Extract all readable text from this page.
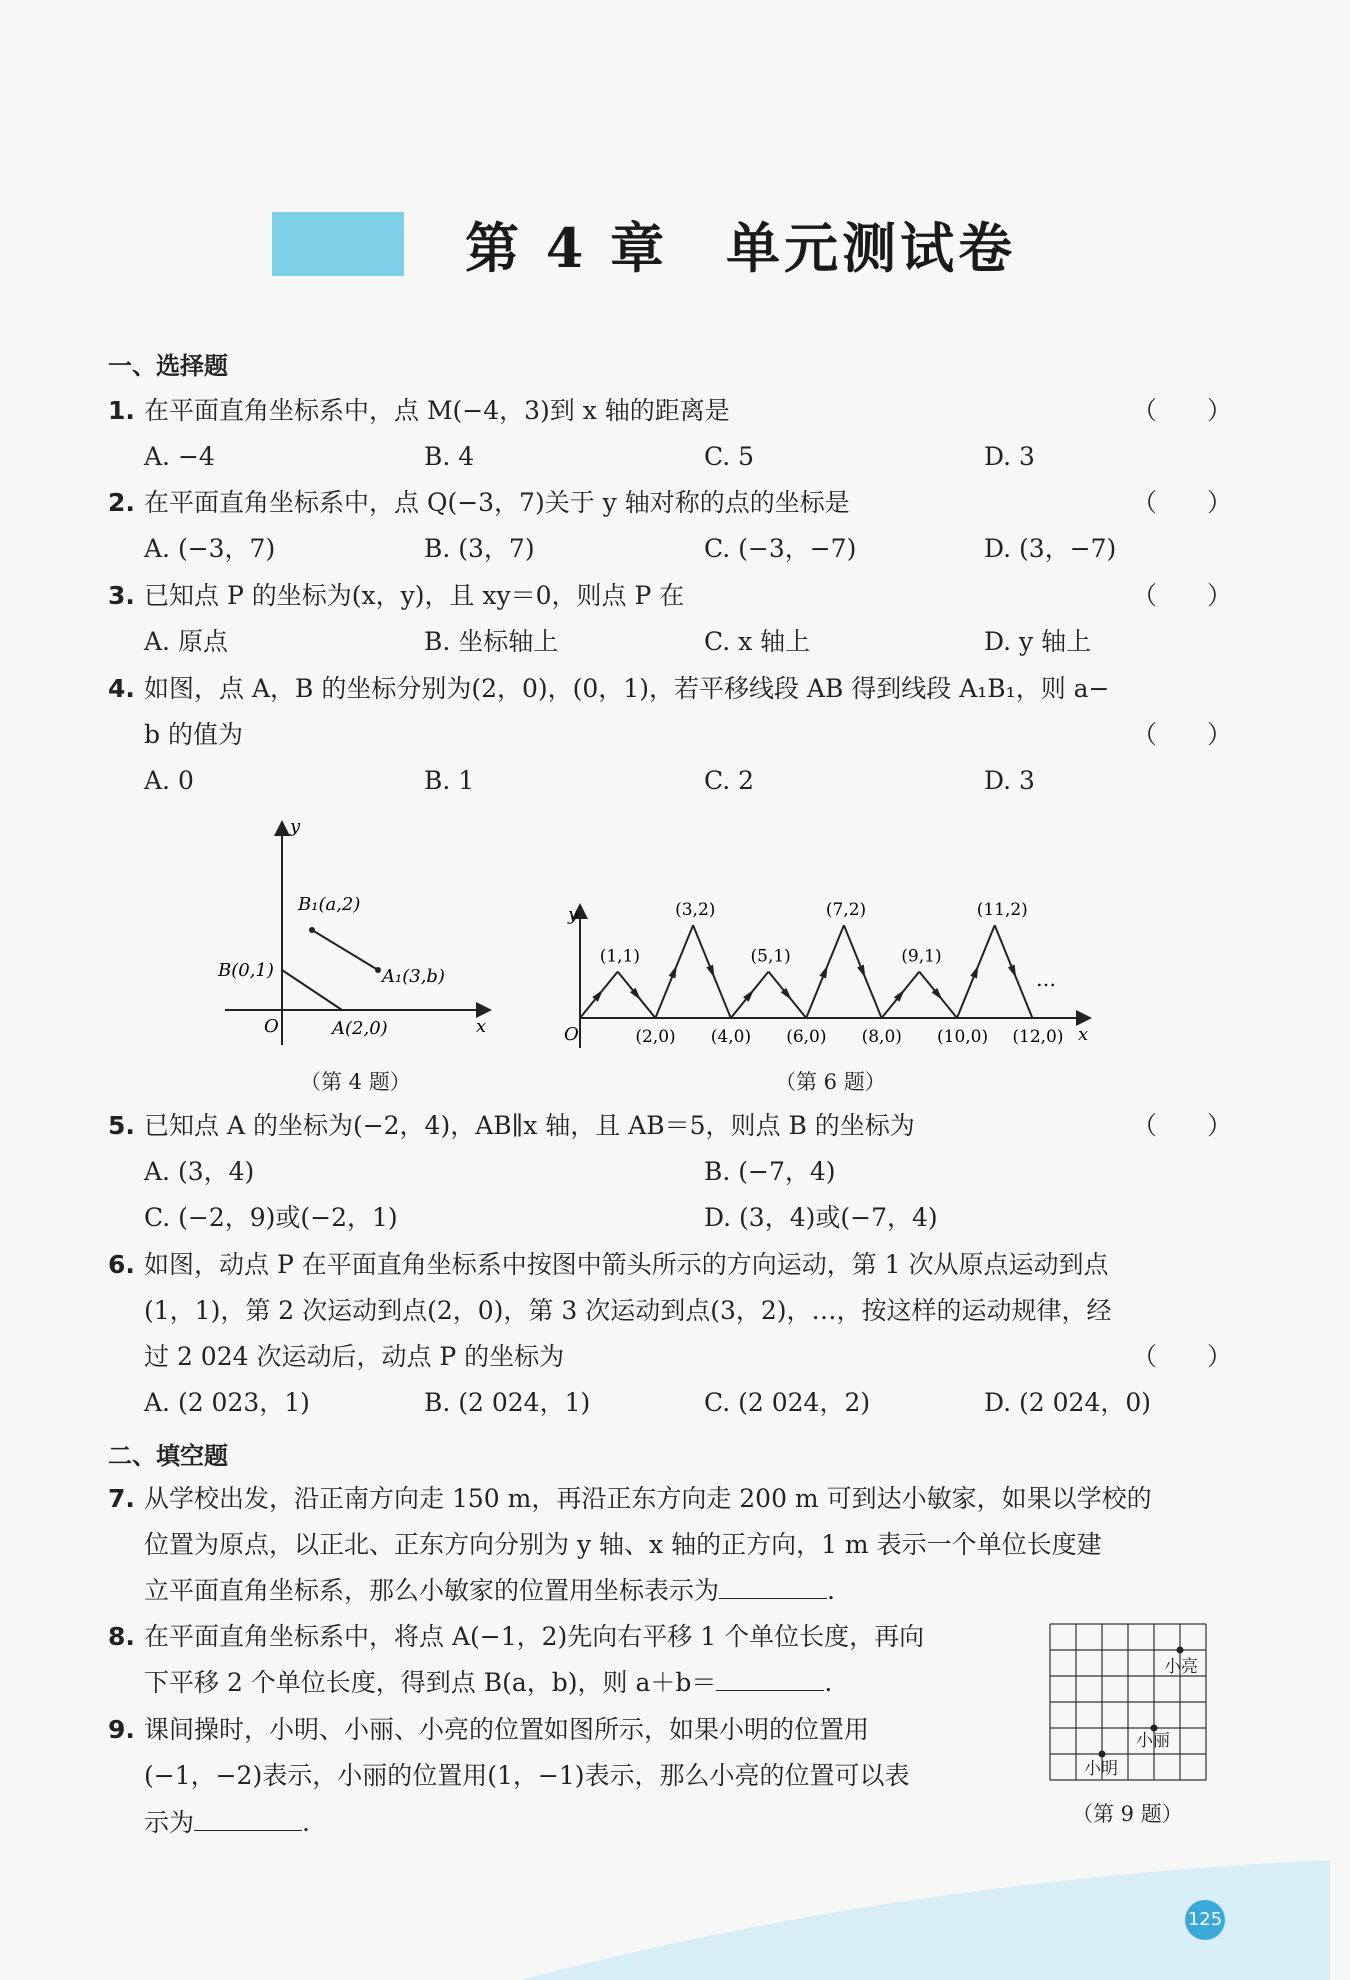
第 4 章　单元测试卷
一、选择题
1. 在平面直角坐标系中，点 M(−4，3)到 x 轴的距离是	（　　）
A. −4	B. 4	C. 5	D. 3
2. 在平面直角坐标系中，点 Q(−3，7)关于 y 轴对称的点的坐标是	（　　）
A. (−3，7)	B. (3，7)	C. (−3，−7)	D. (3，−7)
3. 已知点 P 的坐标为(x，y)，且 xy＝0，则点 P 在	（　　）
A. 原点	B. 坐标轴上	C. x 轴上	D. y 轴上
4. 如图，点 A，B 的坐标分别为(2，0)，(0，1)，若平移线段 AB 得到线段 A₁B₁，则 a−
b 的值为	（　　）
A. 0	B. 1	C. 2	D. 3
y
x
O
B₁(a,2)
B(0,1)	A₁(3,b)
A(2,0)
（第 4 题）
y
x
O
(1,1)
(3,2)
(5,1)
(7,2)
(9,1)
(11,2)
(2,0) (4,0) (6,0) (8,0) (10,0) (12,0)
…
（第 6 题）
5. 已知点 A 的坐标为(−2，4)，AB∥x 轴，且 AB＝5，则点 B 的坐标为	（　　）
A. (3，4)	B. (−7，4)
C. (−2，9)或(−2，1)	D. (3，4)或(−7，4)
6. 如图，动点 P 在平面直角坐标系中按图中箭头所示的方向运动，第 1 次从原点运动到点
(1，1)，第 2 次运动到点(2，0)，第 3 次运动到点(3，2)，…，按这样的运动规律，经
过 2 024 次运动后，动点 P 的坐标为	（　　）
A. (2 023，1)	B. (2 024，1)	C. (2 024，2)	D. (2 024，0)
二、填空题
7. 从学校出发，沿正南方向走 150 m，再沿正东方向走 200 m 可到达小敏家，如果以学校的
位置为原点，以正北、正东方向分别为 y 轴、x 轴的正方向，1 m 表示一个单位长度建
立平面直角坐标系，那么小敏家的位置用坐标表示为	.
8. 在平面直角坐标系中，将点 A(−1，2)先向右平移 1 个单位长度，再向
下平移 2 个单位长度，得到点 B(a，b)，则 a＋b＝	.
9. 课间操时，小明、小丽、小亮的位置如图所示，如果小明的位置用
(−1，−2)表示，小丽的位置用(1，−1)表示，那么小亮的位置可以表
示为	.
小亮
小丽
小明
（第 9 题）
125
